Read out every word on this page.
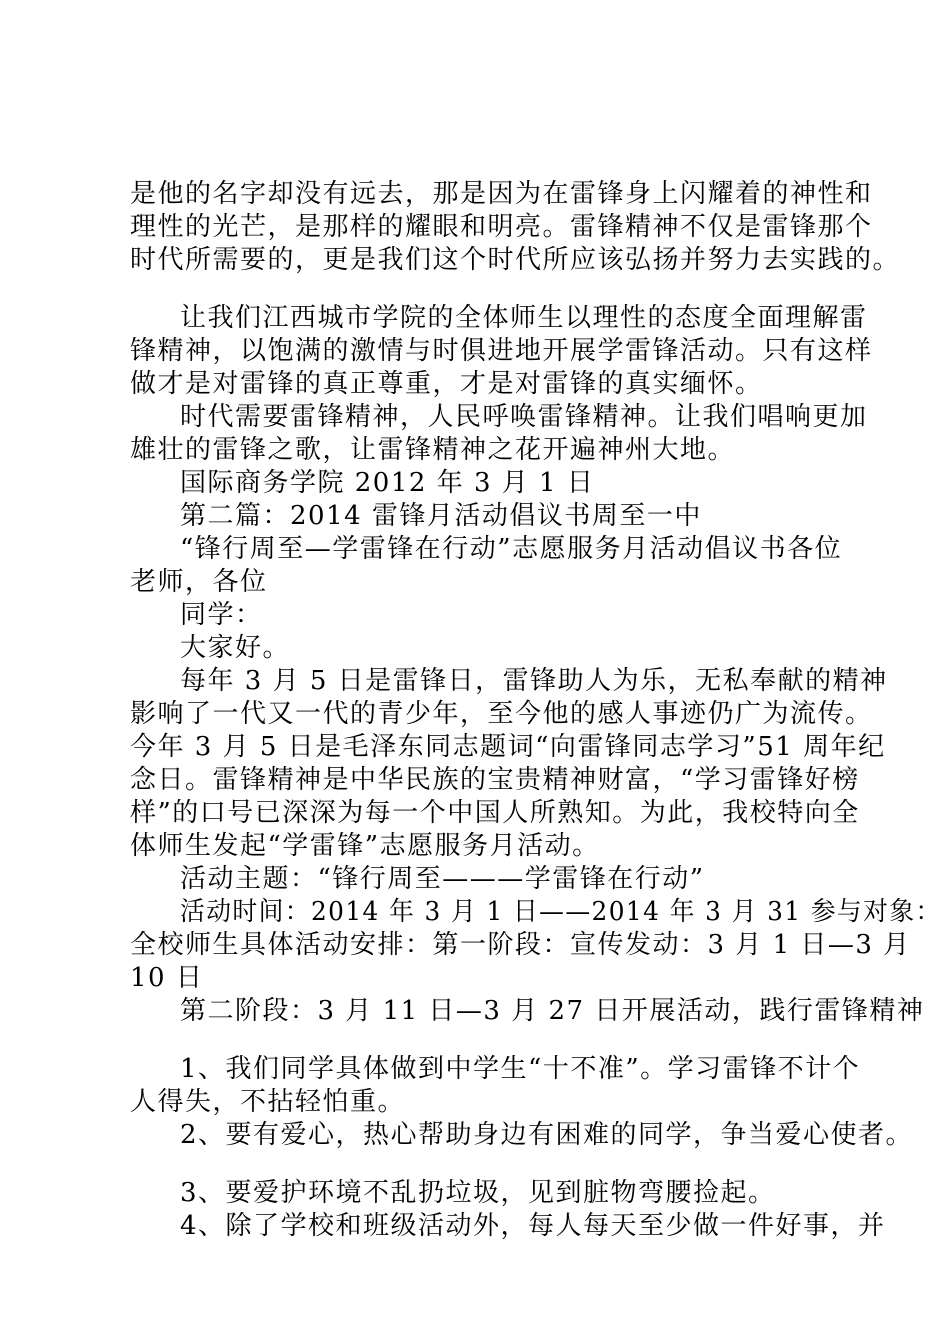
是他的名字却没有远去，那是因为在雷锋身上闪耀着的神性和
理性的光芒，是那样的耀眼和明亮。雷锋精神不仅是雷锋那个
时代所需要的，更是我们这个时代所应该弘扬并努力去实践的。
让我们江西城市学院的全体师生以理性的态度全面理解雷
锋精神，以饱满的激情与时俱进地开展学雷锋活动。只有这样
做才是对雷锋的真正尊重，才是对雷锋的真实缅怀。
时代需要雷锋精神，人民呼唤雷锋精神。让我们唱响更加
雄壮的雷锋之歌，让雷锋精神之花开遍神州大地。
国际商务学院 2012 年 3 月 1 日
第二篇：2014 雷锋月活动倡议书周至一中
“锋行周至—学雷锋在行动”志愿服务月活动倡议书各位
老师，各位
同学：
大家好。
每年 3 月 5 日是雷锋日，雷锋助人为乐，无私奉献的精神
影响了一代又一代的青少年，至今他的感人事迹仍广为流传。
今年 3 月 5 日是毛泽东同志题词“向雷锋同志学习”51 周年纪
念日。雷锋精神是中华民族的宝贵精神财富，“学习雷锋好榜
样”的口号已深深为每一个中国人所熟知。为此，我校特向全
体师生发起“学雷锋”志愿服务月活动。
活动主题：“锋行周至———学雷锋在行动”
活动时间：2014 年 3 月 1 日——2014 年 3 月 31 参与对象：
全校师生具体活动安排：第一阶段：宣传发动：3 月 1 日—3 月
10 日
第二阶段：3 月 11 日—3 月 27 日开展活动，践行雷锋精神
1、我们同学具体做到中学生“十不准”。学习雷锋不计个
人得失，不拈轻怕重。
2、要有爱心，热心帮助身边有困难的同学，争当爱心使者。
3、要爱护环境不乱扔垃圾，见到脏物弯腰捡起。
4、除了学校和班级活动外，每人每天至少做一件好事，并
